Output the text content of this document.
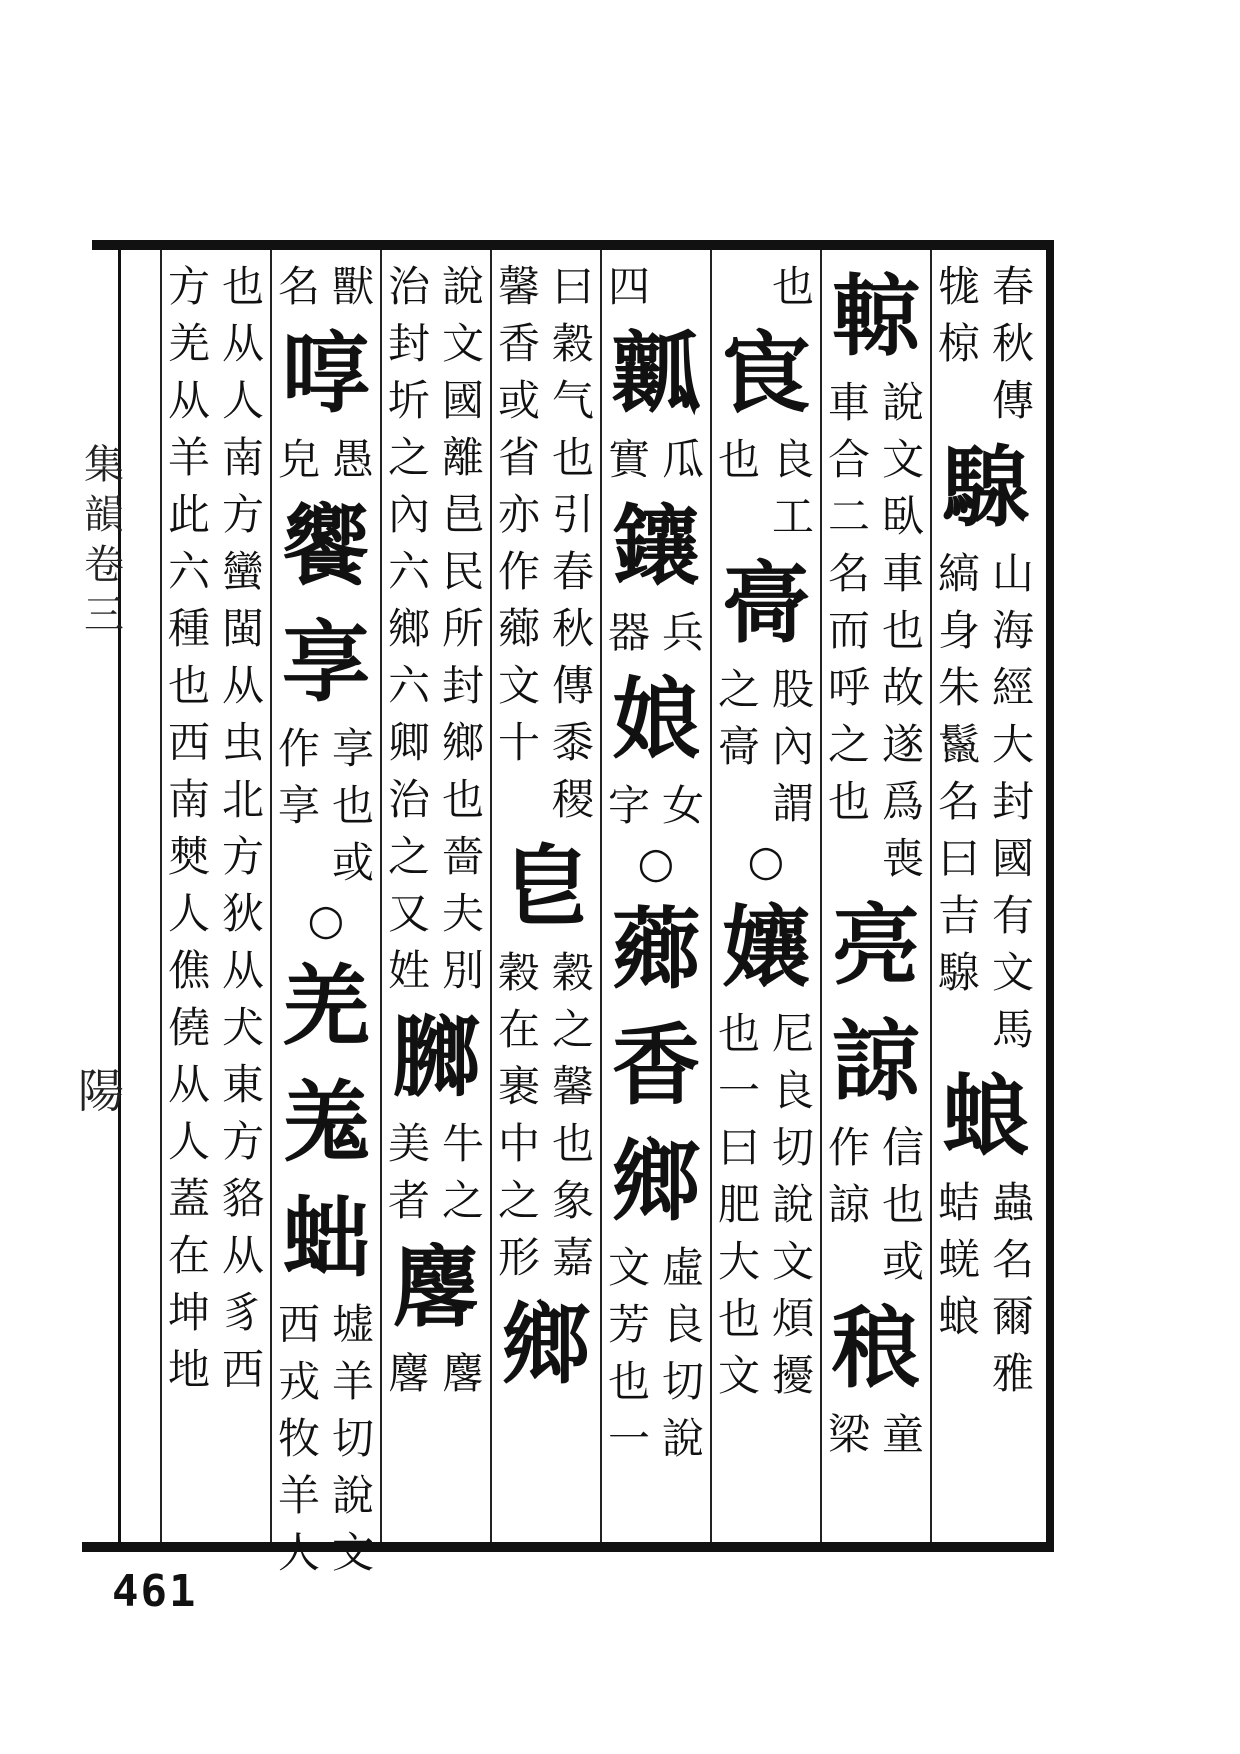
春
秋
傳
牻
椋
騡
山
海
經
大
封
國
有
文
馬
縞
身
朱
鬣
名
曰
吉
騡
蜋
蟲
名
爾
雅
蛣
蜣
蜋
輬
說
文
臥
車
也
故
遂
爲
喪
車
合
二
名
而
呼
之
也
亮
諒
信
也
或
作
諒
稂
童
梁
也
㝗
良
工
也
䯧
股
內
謂
之
䯧
○
孃
尼
良
切
說
文
煩
擾
也
一
曰
肥
大
也
文
四
瓤
瓜
實
鑲
兵
器
娘
女
字
○
薌
香
鄉
虛
良
切
說
文
芳
也
一
曰
穀
气
也
引
春
秋
傳
黍
稷
馨
香
或
省
亦
作
薌
文
十
皀
穀
之
馨
也
象
嘉
穀
在
裹
中
之
形
鄉
說
文
國
離
邑
民
所
封
鄉
也
嗇
夫
別
治
封
圻
之
內
六
鄉
六
卿
治
之
又
姓
膷
牛
之
美
者
麐
麐
麐
獸
名
啍
愚
皃
饗
享
享
也
或
作
享
○
羌
羗
䖦
墟
羊
切
說
文
西
戎
牧
羊
人
也
从
人
南
方
蠻
閩
从
虫
北
方
狄
从
犬
東
方
貉
从
豸
西
方
羌
从
羊
此
六
種
也
西
南
僰
人
僬
僥
从
人
蓋
在
坤
地
集
韻
卷
三
陽
461
